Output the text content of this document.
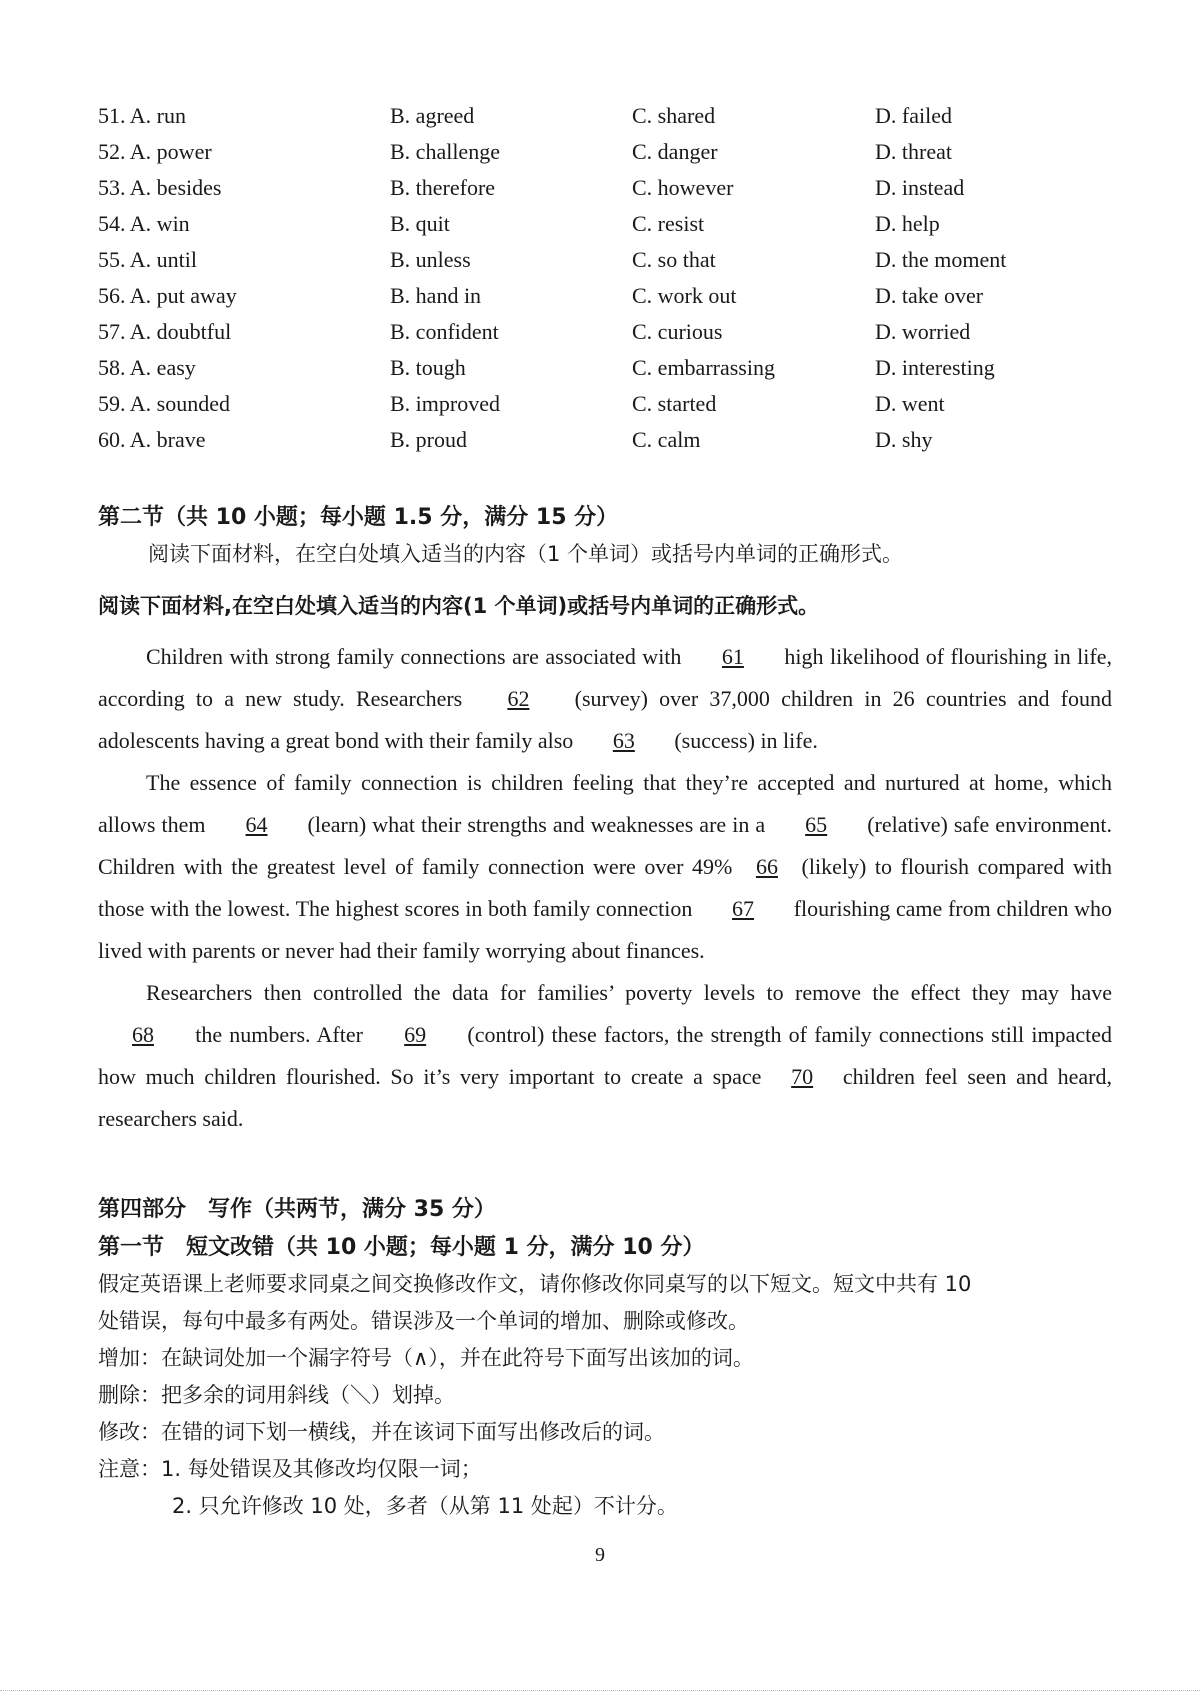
51. A. run	B. agreed	C. shared	D. failed
52. A. power	B. challenge	C. danger	D. threat
53. A. besides	B. therefore	C. however	D. instead
54. A. win	B. quit	C. resist	D. help
55. A. until	B. unless	C. so that	D. the moment
56. A. put away	B. hand in	C. work out	D. take over
57. A. doubtful	B. confident	C. curious	D. worried
58. A. easy	B. tough	C. embarrassing	D. interesting
59. A. sounded	B. improved	C. started	D. went
60. A. brave	B. proud	C. calm	D. shy
第二节（共 10 小题；每小题 1.5 分，满分 15 分）
阅读下面材料，在空白处填入适当的内容（1 个单词）或括号内单词的正确形式。
阅读下面材料,在空白处填入适当的内容(1 个单词)或括号内单词的正确形式。

Children with strong family connections are associated with 61 high likelihood of flourishing in life, according to a new study. Researchers 62 (survey) over 37,000 children in 26 countries and found adolescents having a great bond with their family also 63 (success) in life.

The essence of family connection is children feeling that they’re accepted and nurtured at home, which allows them 64 (learn) what their strengths and weaknesses are in a 65 (relative) safe environment. Children with the greatest level of family connection were over 49% 66 (likely) to flourish compared with those with the lowest. The highest scores in both family connection 67 flourishing came from children who lived with parents or never had their family worrying about finances.

Researchers then controlled the data for families’ poverty levels to remove the effect they may have 68 the numbers. After 69 (control) these factors, the strength of family connections still impacted how much children flourished. So it’s very important to create a space 70 children feel seen and heard, researchers said.

第四部分　写作（共两节，满分 35 分）
第一节　短文改错（共 10 小题；每小题 1 分，满分 10 分）
假定英语课上老师要求同桌之间交换修改作文，请你修改你同桌写的以下短文。短文中共有 10
处错误，每句中最多有两处。错误涉及一个单词的增加、删除或修改。
增加：在缺词处加一个漏字符号（∧），并在此符号下面写出该加的词。
删除：把多余的词用斜线（＼）划掉。
修改：在错的词下划一横线，并在该词下面写出修改后的词。
注意：1. 每处错误及其修改均仅限一词；
2. 只允许修改 10 处，多者（从第 11 处起）不计分。
9
